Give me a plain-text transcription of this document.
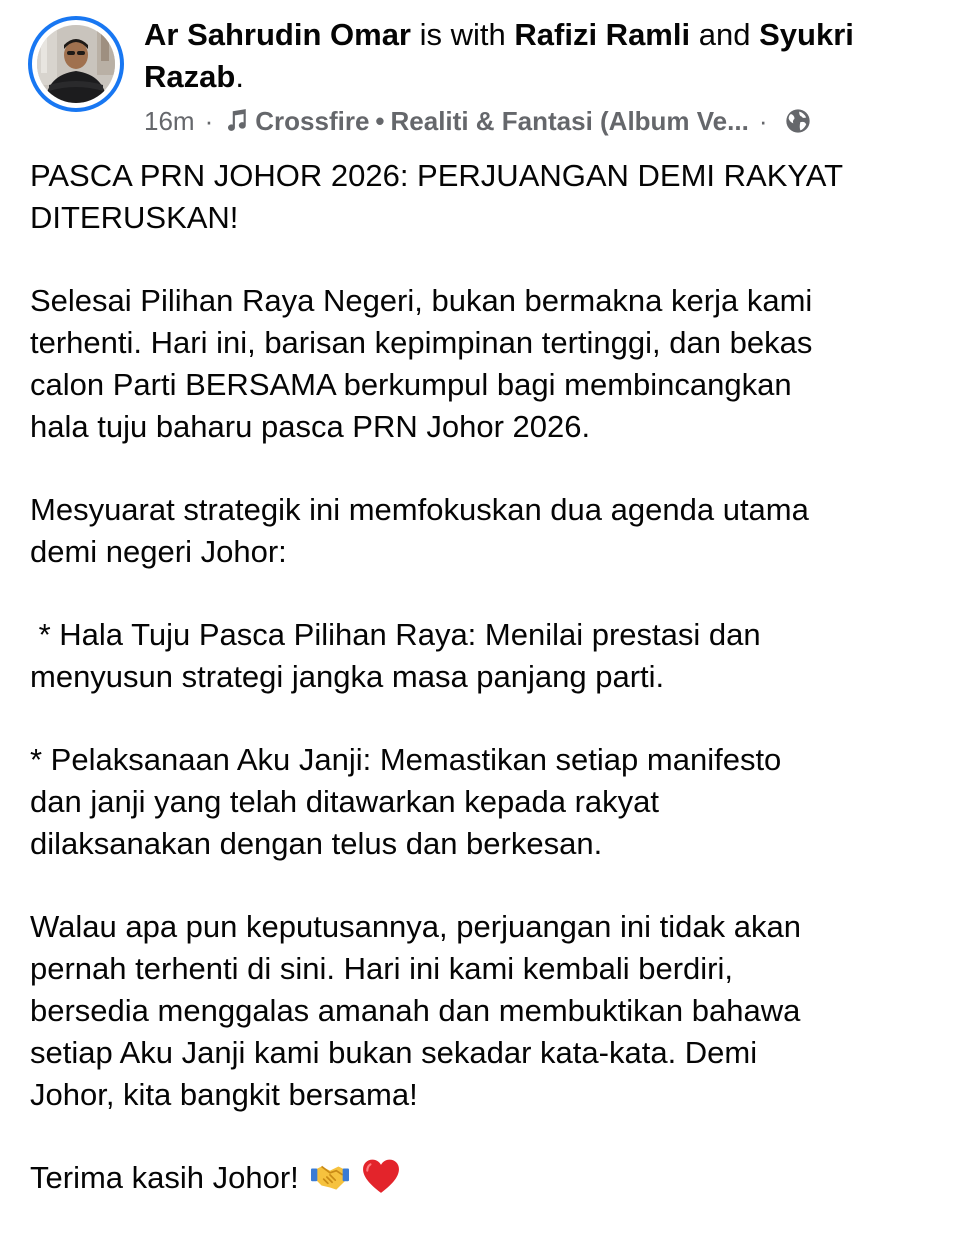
Ar Sahrudin Omar is with Rafizi Ramli and Syukri Razab.
16m · Crossfire • Realiti & Fantasi (Album Ve... ·

PASCA PRN JOHOR 2026: PERJUANGAN DEMI RAKYAT
DITERUSKAN!

Selesai Pilihan Raya Negeri, bukan bermakna kerja kami
terhenti. Hari ini, barisan kepimpinan tertinggi, dan bekas
calon Parti BERSAMA berkumpul bagi membincangkan
hala tuju baharu pasca PRN Johor 2026.

Mesyuarat strategik ini memfokuskan dua agenda utama
demi negeri Johor:

* Hala Tuju Pasca Pilihan Raya: Menilai prestasi dan
menyusun strategi jangka masa panjang parti.

* Pelaksanaan Aku Janji: Memastikan setiap manifesto
dan janji yang telah ditawarkan kepada rakyat
dilaksanakan dengan telus dan berkesan.

Walau apa pun keputusannya, perjuangan ini tidak akan
pernah terhenti di sini. Hari ini kami kembali berdiri,
bersedia menggalas amanah dan membuktikan bahawa
setiap Aku Janji kami bukan sekadar kata-kata. Demi
Johor, kita bangkit bersama!

Terima kasih Johor!
